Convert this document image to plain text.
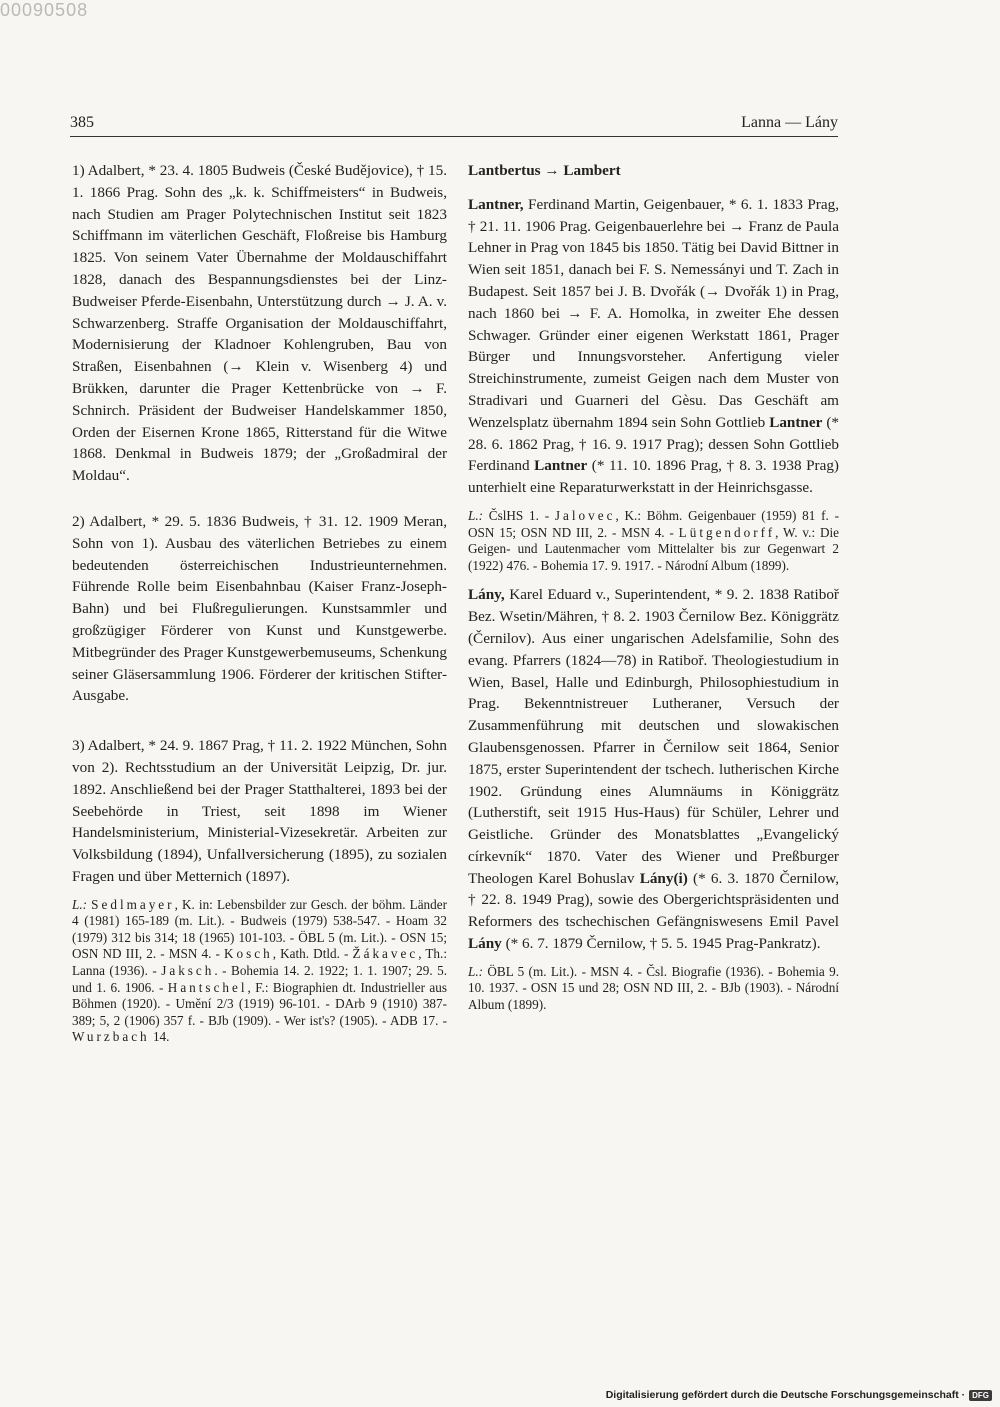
00090508
385	Lanna — Lány

1) Adalbert, * 23. 4. 1805 Budweis (České Budějovice), † 15. 1. 1866 Prag. Sohn des „k. k. Schiffmeisters“ in Budweis, nach Studien am Prager Polytechnischen Institut seit 1823 Schiffmann im väterlichen Geschäft, Floßreise bis Hamburg 1825. Von seinem Vater Übernahme der Moldauschiffahrt 1828, danach des Bespannungsdienstes bei der Linz-Budweiser Pferde-Eisenbahn, Unterstützung durch → J. A. v. Schwarzenberg. Straffe Organisation der Moldauschiffahrt, Modernisierung der Kladnoer Kohlengruben, Bau von Straßen, Eisenbahnen (→ Klein v. Wisenberg 4) und Brükken, darunter die Prager Kettenbrücke von → F. Schnirch. Präsident der Budweiser Handelskammer 1850, Orden der Eisernen Krone 1865, Ritterstand für die Witwe 1868. Denkmal in Budweis 1879; der „Großadmiral der Moldau“.

2) Adalbert, * 29. 5. 1836 Budweis, † 31. 12. 1909 Meran, Sohn von 1). Ausbau des väterlichen Betriebes zu einem bedeutenden österreichischen Industrieunternehmen. Führende Rolle beim Eisenbahnbau (Kaiser Franz-Joseph-Bahn) und bei Flußregulierungen. Kunstsammler und großzügiger Förderer von Kunst und Kunstgewerbe. Mitbegründer des Prager Kunstgewerbemuseums, Schenkung seiner Gläsersammlung 1906. Förderer der kritischen Stifter-Ausgabe.

3) Adalbert, * 24. 9. 1867 Prag, † 11. 2. 1922 München, Sohn von 2). Rechtsstudium an der Universität Leipzig, Dr. jur. 1892. Anschließend bei der Prager Statthalterei, 1893 bei der Seebehörde in Triest, seit 1898 im Wiener Handelsministerium, Ministerial-Vizesekretär. Arbeiten zur Volksbildung (1894), Unfallversicherung (1895), zu sozialen Fragen und über Metternich (1897).

L.: Sedlmayer, K. in: Lebensbilder zur Gesch. der böhm. Länder 4 (1981) 165-189 (m. Lit.). - Budweis (1979) 538-547. - Hoam 32 (1979) 312 bis 314; 18 (1965) 101-103. - ÖBL 5 (m. Lit.). - OSN 15; OSN ND III, 2. - MSN 4. - Kosch, Kath. Dtld. - Žákavec, Th.: Lanna (1936). - Jaksch. - Bohemia 14. 2. 1922; 1. 1. 1907; 29. 5. und 1. 6. 1906. - Hantschel, F.: Biographien dt. Industrieller aus Böhmen (1920). - Umění 2/3 (1919) 96-101. - DArb 9 (1910) 387-389; 5, 2 (1906) 357 f. - BJb (1909). - Wer ist's? (1905). - ADB 17. - Wurzbach 14.

Lantbertus → Lambert

Lantner, Ferdinand Martin, Geigenbauer, * 6. 1. 1833 Prag, † 21. 11. 1906 Prag. Geigenbauerlehre bei → Franz de Paula Lehner in Prag von 1845 bis 1850. Tätig bei David Bittner in Wien seit 1851, danach bei F. S. Nemessányi und T. Zach in Budapest. Seit 1857 bei J. B. Dvořák (→ Dvořák 1) in Prag, nach 1860 bei → F. A. Homolka, in zweiter Ehe dessen Schwager. Gründer einer eigenen Werkstatt 1861, Prager Bürger und Innungsvorsteher. Anfertigung vieler Streichinstrumente, zumeist Geigen nach dem Muster von Stradivari und Guarneri del Gèsu. Das Geschäft am Wenzelsplatz übernahm 1894 sein Sohn Gottlieb Lantner (* 28. 6. 1862 Prag, † 16. 9. 1917 Prag); dessen Sohn Gottlieb Ferdinand Lantner (* 11. 10. 1896 Prag, † 8. 3. 1938 Prag) unterhielt eine Reparaturwerkstatt in der Heinrichsgasse.

L.: ČslHS 1. - Jalovec, K.: Böhm. Geigenbauer (1959) 81 f. - OSN 15; OSN ND III, 2. - MSN 4. - Lütgendorff, W. v.: Die Geigen- und Lautenmacher vom Mittelalter bis zur Gegenwart 2 (1922) 476. - Bohemia 17. 9. 1917. - Národní Album (1899).

Lány, Karel Eduard v., Superintendent, * 9. 2. 1838 Ratiboř Bez. Wsetin/Mähren, † 8. 2. 1903 Černilow Bez. Königgrätz (Černilov). Aus einer ungarischen Adelsfamilie, Sohn des evang. Pfarrers (1824—78) in Ratiboř. Theologiestudium in Wien, Basel, Halle und Edinburgh, Philosophiestudium in Prag. Bekenntnistreuer Lutheraner, Versuch der Zusammenführung mit deutschen und slowakischen Glaubensgenossen. Pfarrer in Černilow seit 1864, Senior 1875, erster Superintendent der tschech. lutherischen Kirche 1902. Gründung eines Alumnäums in Königgrätz (Lutherstift, seit 1915 Hus-Haus) für Schüler, Lehrer und Geistliche. Gründer des Monatsblattes „Evangelický církevník“ 1870. Vater des Wiener und Preßburger Theologen Karel Bohuslav Lány(i) (* 6. 3. 1870 Černilow, † 22. 8. 1949 Prag), sowie des Obergerichtspräsidenten und Reformers des tschechischen Gefängniswesens Emil Pavel Lány (* 6. 7. 1879 Černilow, † 5. 5. 1945 Prag-Pankratz).

L.: ÖBL 5 (m. Lit.). - MSN 4. - Čsl. Biografie (1936). - Bohemia 9. 10. 1937. - OSN 15 und 28; OSN ND III, 2. - BJb (1903). - Národní Album (1899).

Digitalisierung gefördert durch die Deutsche Forschungsgemeinschaft · DFG
